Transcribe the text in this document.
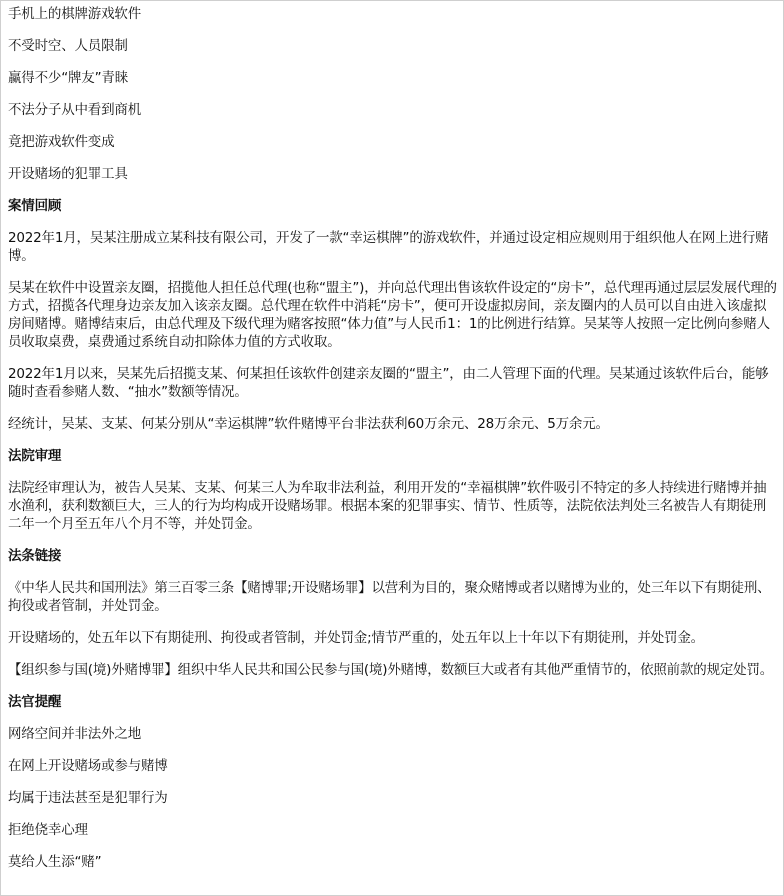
手机上的棋牌游戏软件

不受时空、人员限制

赢得不少“牌友”青睐

不法分子从中看到商机

竟把游戏软件变成

开设赌场的犯罪工具

案情回顾

2022年1月，吴某注册成立某科技有限公司，开发了一款“幸运棋牌”的游戏软件，并通过设定相应规则用于组织他人在网上进行赌博。

吴某在软件中设置亲友圈，招揽他人担任总代理(也称“盟主”)，并向总代理出售该软件设定的“房卡”，总代理再通过层层发展代理的方式，招揽各代理身边亲友加入该亲友圈。总代理在软件中消耗“房卡”，便可开设虚拟房间，亲友圈内的人员可以自由进入该虚拟房间赌博。赌博结束后，由总代理及下级代理为赌客按照“体力值”与人民币1：1的比例进行结算。吴某等人按照一定比例向参赌人员收取桌费，桌费通过系统自动扣除体力值的方式收取。

2022年1月以来，吴某先后招揽支某、何某担任该软件创建亲友圈的“盟主”，由二人管理下面的代理。吴某通过该软件后台，能够随时查看参赌人数、“抽水”数额等情况。

经统计，吴某、支某、何某分别从“幸运棋牌”软件赌博平台非法获利60万余元、28万余元、5万余元。

法院审理

法院经审理认为，被告人吴某、支某、何某三人为牟取非法利益，利用开发的“幸福棋牌”软件吸引不特定的多人持续进行赌博并抽水渔利，获利数额巨大，三人的行为均构成开设赌场罪。根据本案的犯罪事实、情节、性质等，法院依法判处三名被告人有期徒刑二年一个月至五年八个月不等，并处罚金。

法条链接

《中华人民共和国刑法》第三百零三条【赌博罪;开设赌场罪】以营利为目的，聚众赌博或者以赌博为业的，处三年以下有期徒刑、拘役或者管制，并处罚金。

开设赌场的，处五年以下有期徒刑、拘役或者管制，并处罚金;情节严重的，处五年以上十年以下有期徒刑，并处罚金。

【组织参与国(境)外赌博罪】组织中华人民共和国公民参与国(境)外赌博，数额巨大或者有其他严重情节的，依照前款的规定处罚。

法官提醒

网络空间并非法外之地

在网上开设赌场或参与赌博

均属于违法甚至是犯罪行为

拒绝侥幸心理

莫给人生添“赌”
